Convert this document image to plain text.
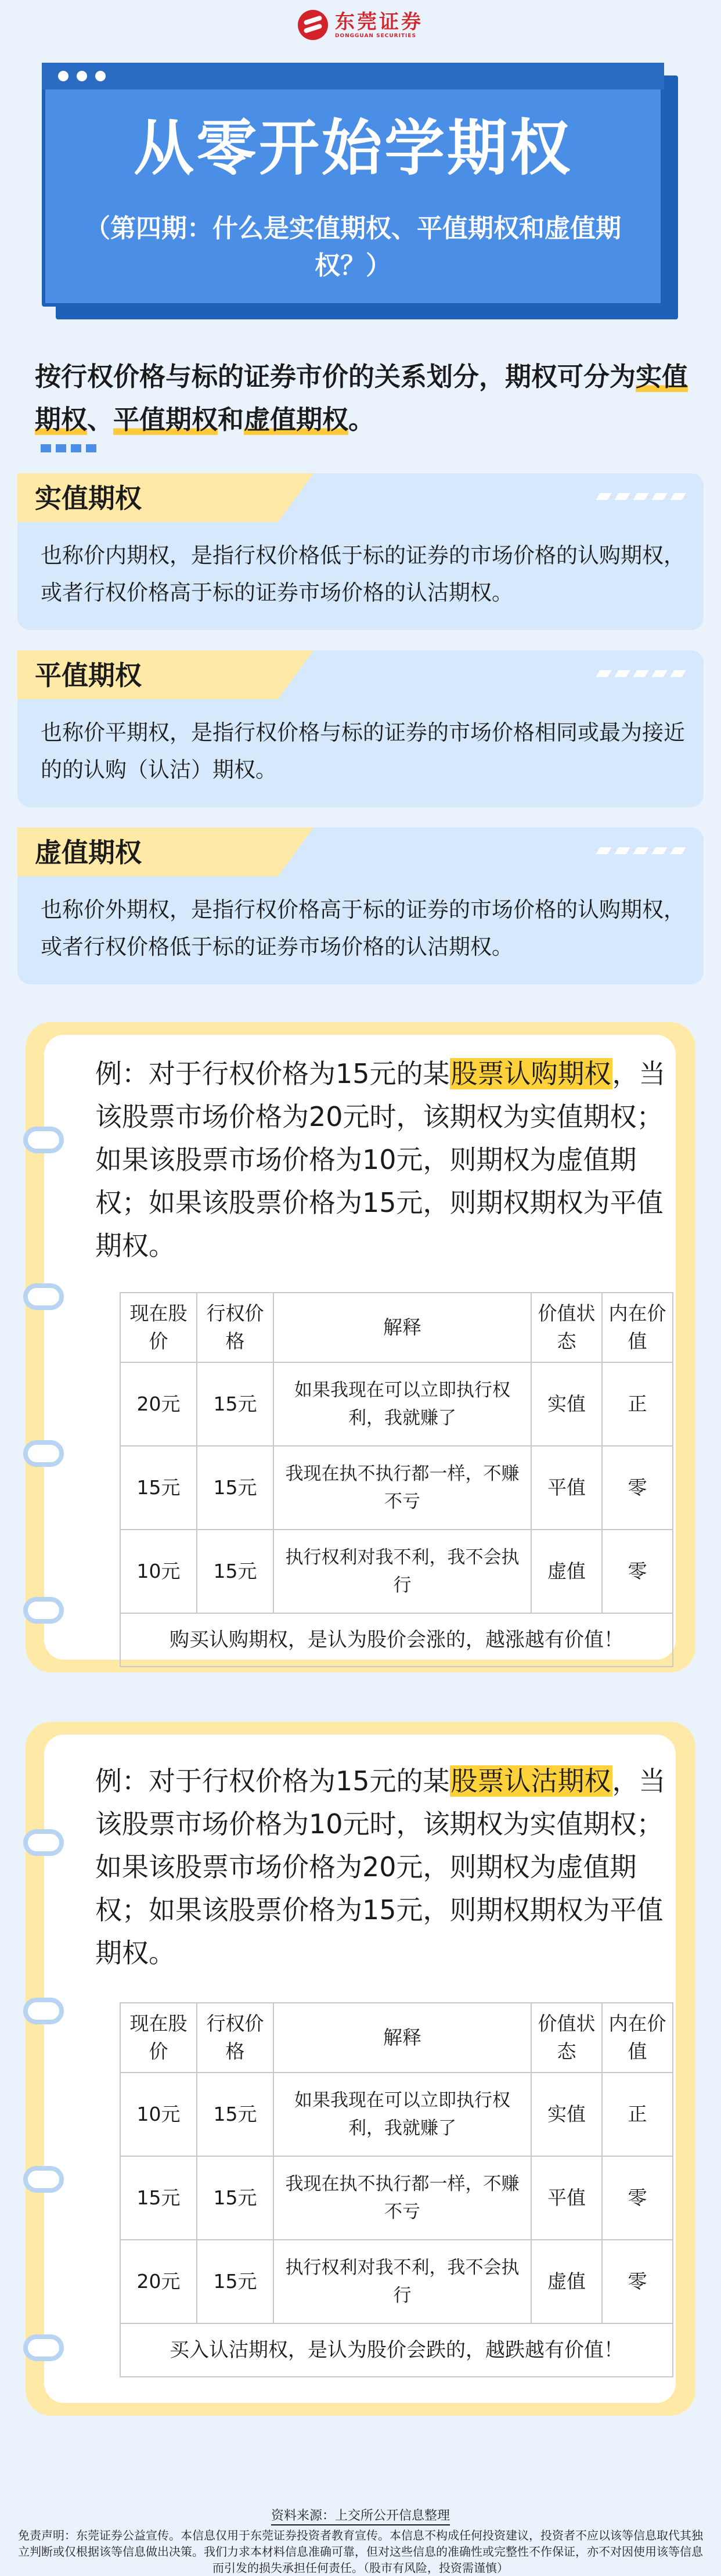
东莞证券
DONGGUAN SECURITIES
从零开始学期权
（第四期：什么是实值期权、平值期权和虚值期权？）
按行权价格与标的证券市价的关系划分，期权可分为实值期权、平值期权和虚值期权。
实值期权
也称价内期权，是指行权价格低于标的证券的市场价格的认购期权，或者行权价格高于标的证券市场价格的认沽期权。
平值期权
也称价平期权，是指行权价格与标的证券的市场价格相同或最为接近的的认购（认沽）期权。
虚值期权
也称价外期权，是指行权价格高于标的证券的市场价格的认购期权，或者行权价格低于标的证券市场价格的认沽期权。
例：对于行权价格为15元的某股票认购期权，当该股票市场价格为20元时，该期权为实值期权；如果该股票市场价格为10元，则期权为虚值期权；如果该股票价格为15元，则期权期权为平值期权。
现在股价	行权价格	解释	价值状态	内在价值
20元	15元	如果我现在可以立即执行权利，我就赚了	实值	正
15元	15元	我现在执不执行都一样，不赚不亏	平值	零
10元	15元	执行权利对我不利，我不会执行	虚值	零
购买认购期权，是认为股价会涨的，越涨越有价值！				
例：对于行权价格为15元的某股票认沽期权，当该股票市场价格为10元时，该期权为实值期权；如果该股票市场价格为20元，则期权为虚值期权；如果该股票价格为15元，则期权期权为平值期权。
现在股价	行权价格	解释	价值状态	内在价值
10元	15元	如果我现在可以立即执行权利，我就赚了	实值	正
15元	15元	我现在执不执行都一样，不赚不亏	平值	零
20元	15元	执行权利对我不利，我不会执行	虚值	零
买入认沽期权，是认为股价会跌的，越跌越有价值！				
资料来源：上交所公开信息整理
免责声明：东莞证券公益宣传。本信息仅用于东莞证券投资者教育宣传。本信息不构成任何投资建议，投资者不应以该等信息取代其独立判断或仅根据该等信息做出决策。我们力求本材料信息准确可靠，但对这些信息的准确性或完整性不作保证，亦不对因使用该等信息而引发的损失承担任何责任。（股市有风险，投资需谨慎）
